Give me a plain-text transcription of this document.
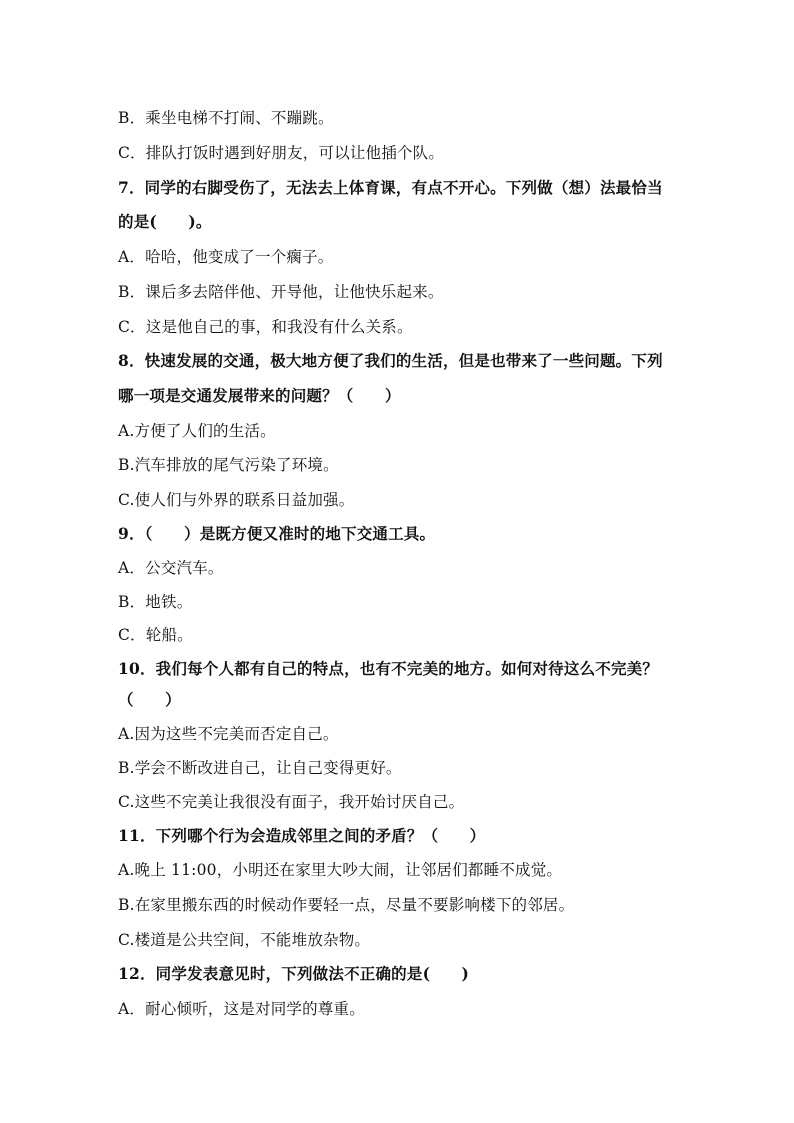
B．乘坐电梯不打闹、不蹦跳。
C．排队打饭时遇到好朋友，可以让他插个队。
7．同学的右脚受伤了，无法去上体育课，有点不开心。下列做（想）法最恰当
的是(　　)。
A．哈哈，他变成了一个瘸子。
B．课后多去陪伴他、开导他，让他快乐起来。
C．这是他自己的事，和我没有什么关系。
8．快速发展的交通，极大地方便了我们的生活，但是也带来了一些问题。下列
哪一项是交通发展带来的问题？（　　）
A.方便了人们的生活。
B.汽车排放的尾气污染了环境。
C.使人们与外界的联系日益加强。
9．（　　）是既方便又准时的地下交通工具。
A．公交汽车。
B．地铁。
C．轮船。
10．我们每个人都有自己的特点，也有不完美的地方。如何对待这么不完美？
（　　）
A.因为这些不完美而否定自己。
B.学会不断改进自己，让自己变得更好。
C.这些不完美让我很没有面子，我开始讨厌自己。
11．下列哪个行为会造成邻里之间的矛盾？（　　）
A.晚上 11:00，小明还在家里大吵大闹，让邻居们都睡不成觉。
B.在家里搬东西的时候动作要轻一点，尽量不要影响楼下的邻居。
C.楼道是公共空间，不能堆放杂物。
12．同学发表意见时，下列做法不正确的是(　　)
A．耐心倾听，这是对同学的尊重。
